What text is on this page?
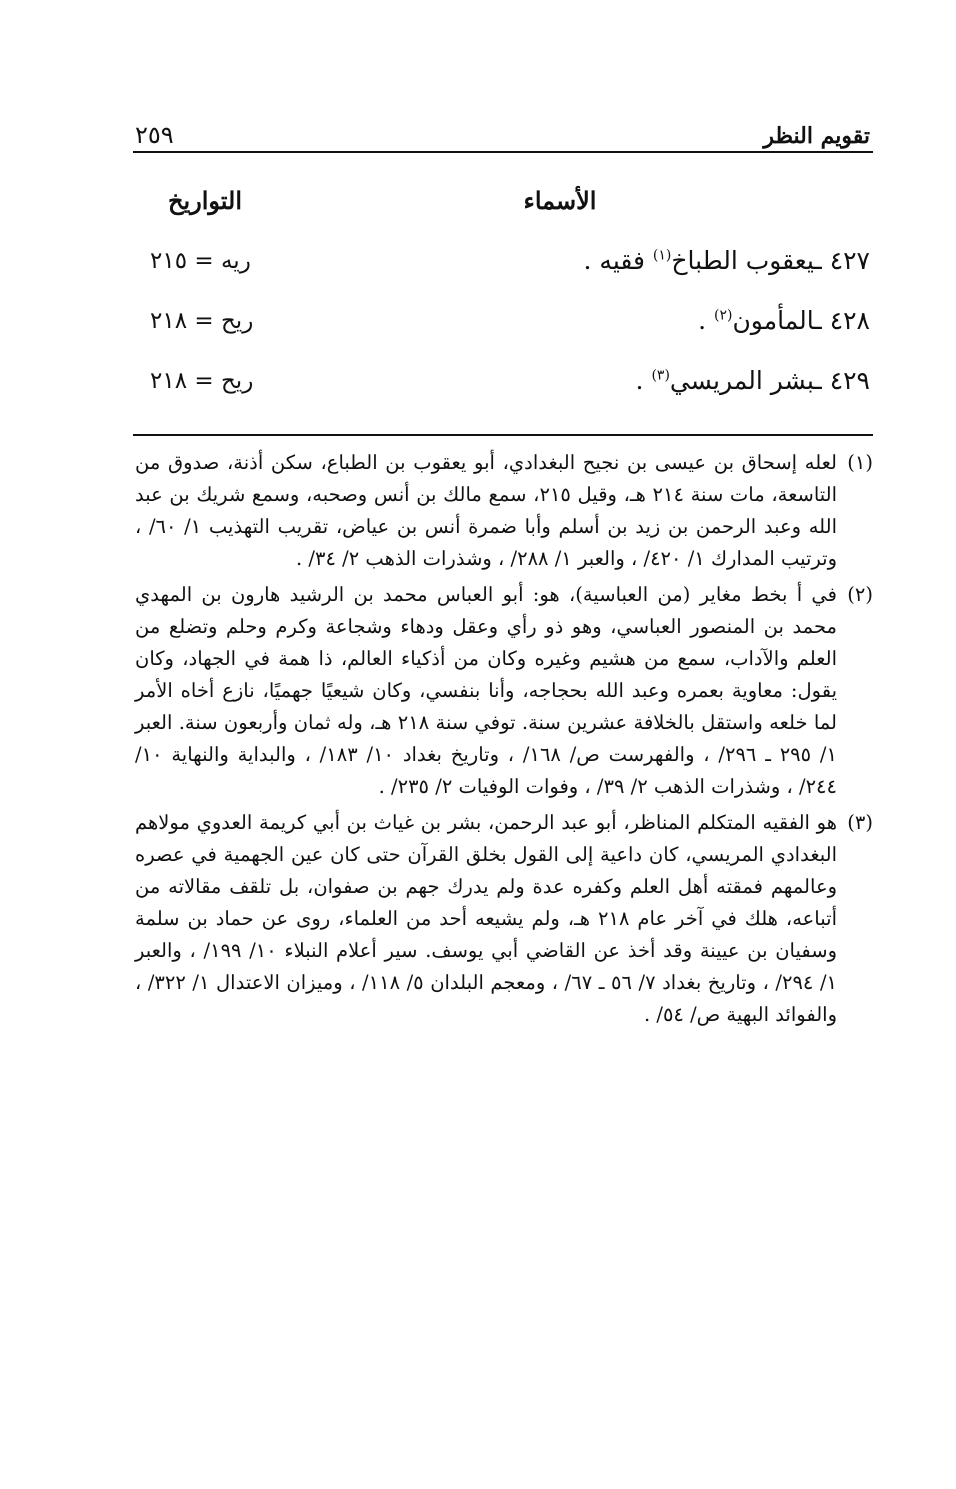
تقويم النظر
٢٥٩
الأسماء
التواريخ
٤٢٧ ـيعقوب الطباخ$^{(١)}$ فقيه .
ريه = ٢١٥
٤٢٨ ـالمأمون$^{(٢)}$ .
ريح = ٢١٨
٤٢٩ ـبشر المريسي$^{(٣)}$ .
ريح = ٢١٨
(١)
لعله إسحاق بن عيسى بن نجيح البغدادي، أبو يعقوب بن الطباع، سكن أذنة، صدوق من التاسعة، مات سنة ٢١٤ هـ، وقيل ٢١٥، سمع مالك بن أنس وصحبه، وسمع شريك بن عبد الله وعبد الرحمن بن زيد بن أسلم وأبا ضمرة أنس بن عياض، تقريب التهذيب ١/ ٦٠/ ، وترتيب المدارك ١/ ٤٢٠/ ، والعبر ١/ ٢٨٨/ ، وشذرات الذهب ٢/ ٣٤/ .
(٢)
في أ بخط مغاير (من العباسية)، هو: أبو العباس محمد بن الرشيد هارون بن المهدي محمد بن المنصور العباسي، وهو ذو رأي وعقل ودهاء وشجاعة وكرم وحلم وتضلع من العلم والآداب، سمع من هشيم وغيره وكان من أذكياء العالم، ذا همة في الجهاد، وكان يقول: معاوية بعمره وعبد الله بحجاجه، وأنا بنفسي، وكان شيعيًا جهميًا، نازع أخاه الأمر لما خلعه واستقل بالخلافة عشرين سنة. توفي سنة ٢١٨ هـ، وله ثمان وأربعون سنة. العبر ١/ ٢٩٥ ـ ٢٩٦/ ، والفهرست ص/ ١٦٨/ ، وتاريخ بغداد ١٠/ ١٨٣/ ، والبداية والنهاية ١٠/ ٢٤٤/ ، وشذرات الذهب ٢/ ٣٩/ ، وفوات الوفيات ٢/ ٢٣٥/ .
(٣)
هو الفقيه المتكلم المناظر، أبو عبد الرحمن، بشر بن غياث بن أبي كريمة العدوي مولاهم البغدادي المريسي، كان داعية إلى القول بخلق القرآن حتى كان عين الجهمية في عصره وعالمهم فمقته أهل العلم وكفره عدة ولم يدرك جهم بن صفوان، بل تلقف مقالاته من أتباعه، هلك في آخر عام ٢١٨ هـ، ولم يشيعه أحد من العلماء، روى عن حماد بن سلمة وسفيان بن عيينة وقد أخذ عن القاضي أبي يوسف. سير أعلام النبلاء ١٠/ ١٩٩/ ، والعبر ١/ ٢٩٤/ ، وتاريخ بغداد ٧/ ٥٦ ـ ٦٧/ ، ومعجم البلدان ٥/ ١١٨/ ، وميزان الاعتدال ١/ ٣٢٢/ ، والفوائد البهية ص/ ٥٤/ .
